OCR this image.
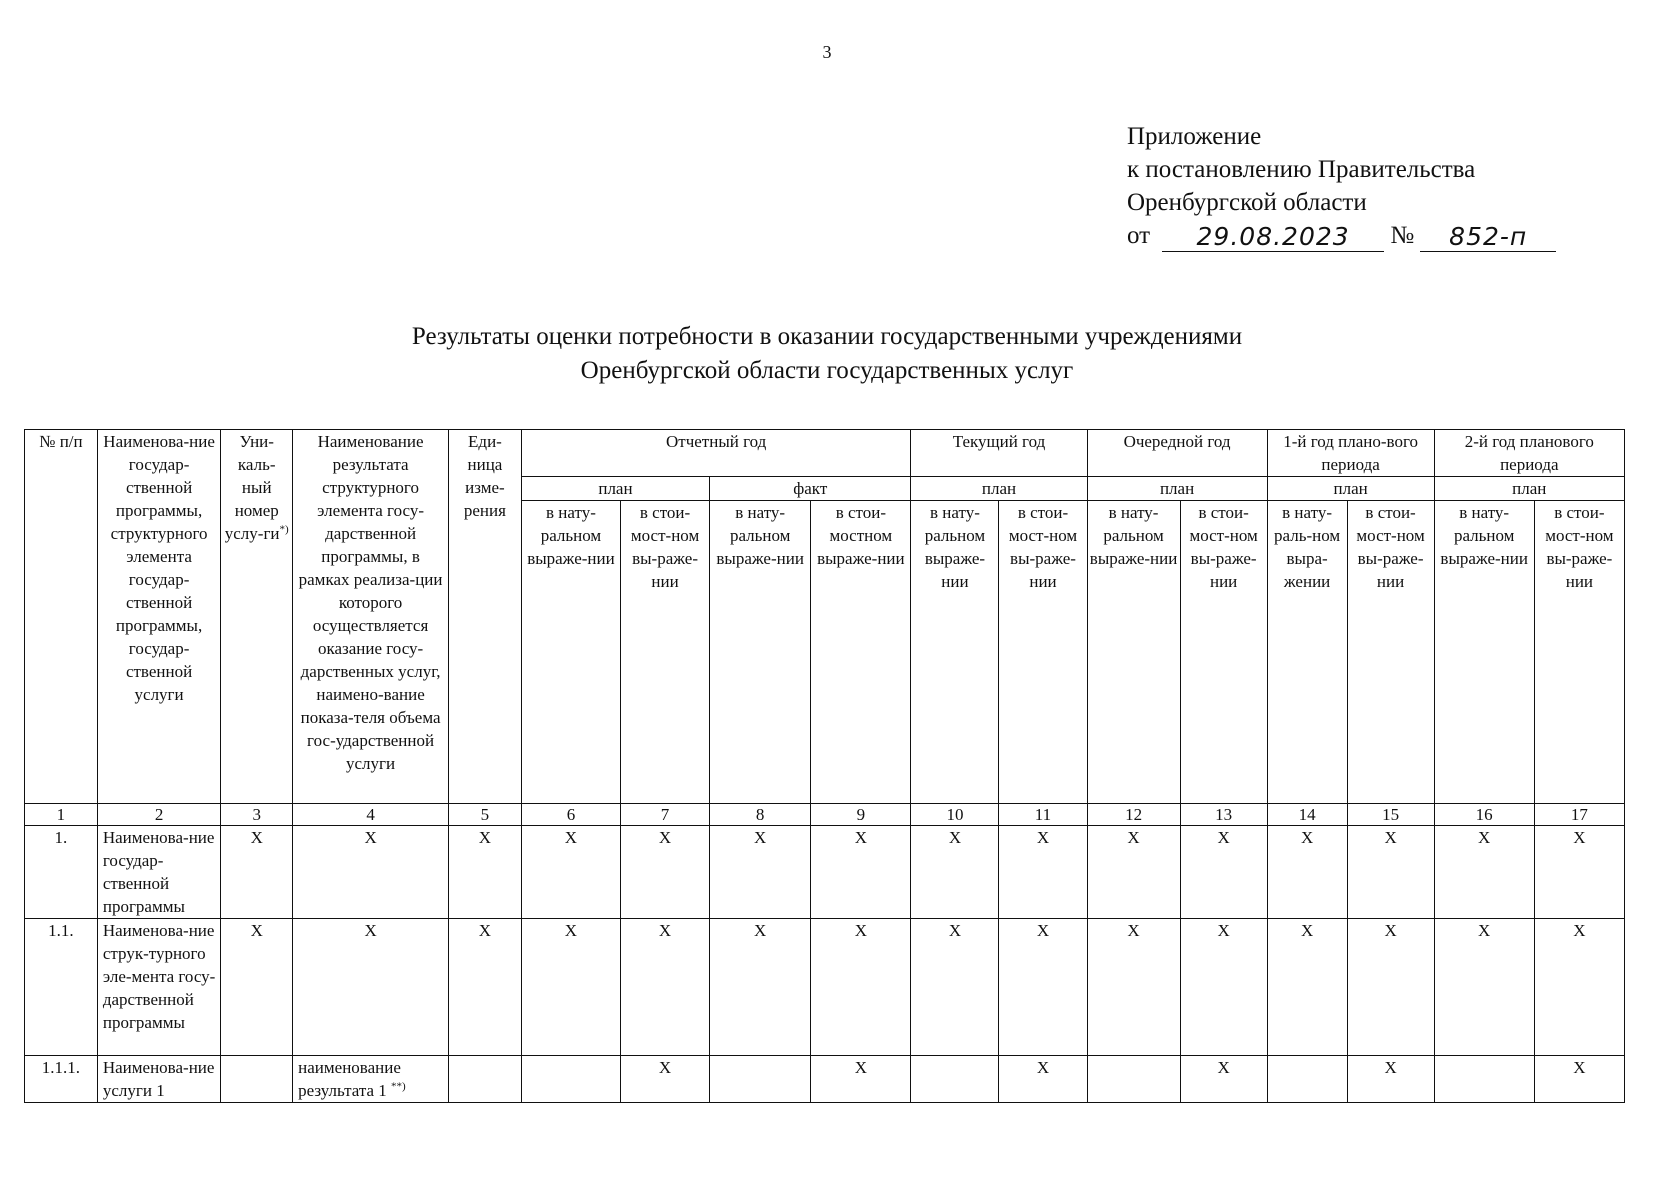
3
Приложение
к постановлению Правительства
Оренбургской области
от 29.08.2023 № 852-п
Результаты оценки потребности в оказании государственными учреждениями
Оренбургской области государственных услуг
№ п/п	Наименова-ние государ-ственной программы, структурного элемента государ-ственной программы, государ-ственной услуги	Уни-каль-ный номер услу-ги*)	Наименование результата структурного элемента госу-дарственной программы, в рамках реализа-ции которого осуществляется оказание госу-дарственных услуг, наимено-вание показа-теля объема гос-ударственной услуги	Еди-ница изме-рения	Отчетный год				Текущий год		Очередной год		1-й год плано-вого периода		2-й год планового периода	
					план		факт		план		план		план		план	
					в нату-ральном выраже-нии	в стои-мост-ном вы-раже-нии	в нату-ральном выраже-нии	в стои-мостном выраже-нии	в нату-ральном выраже-нии	в стои-мост-ном вы-раже-нии	в нату-ральном выраже-нии	в стои-мост-ном вы-раже-нии	в нату-раль-ном выра-жении	в стои-мост-ном вы-раже-нии	в нату-ральном выраже-нии	в стои-мост-ном вы-раже-нии
1	2	3	4	5	6	7	8	9	10	11	12	13	14	15	16	17
1.	Наименова-ние государ-ственной программы	X	X	X	X	X	X	X	X	X	X	X	X	X	X	X
1.1.	Наименова-ние струк-турного эле-мента госу-дарственной программы	X	X	X	X	X	X	X	X	X	X	X	X	X	X	X
1.1.1.	Наименова-ние услуги 1		наименование результата 1 **)			X		X		X		X		X		X
